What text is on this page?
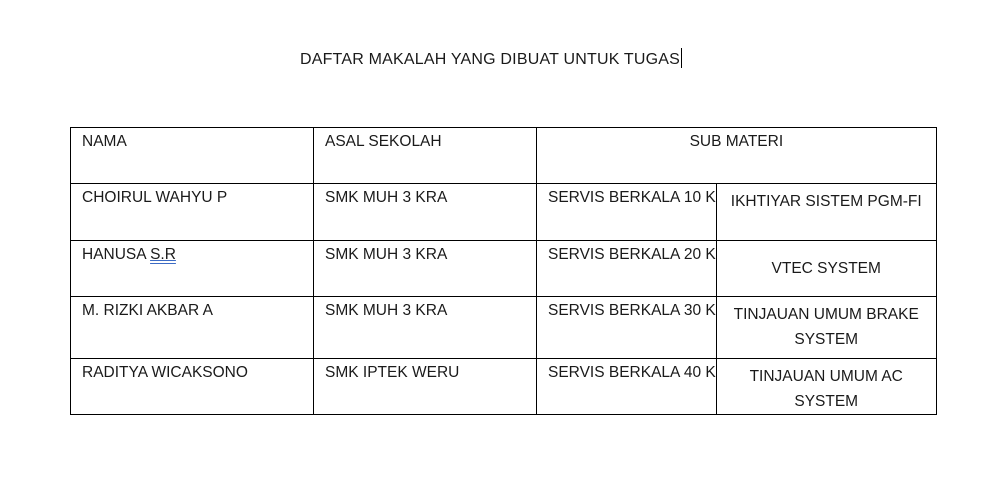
DAFTAR MAKALAH YANG DIBUAT UNTUK TUGAS
NAMA	ASAL SEKOLAH	SUB MATERI	
CHOIRUL WAHYU P	SMK MUH 3 KRA	SERVIS BERKALA 10 K	IKHTIYAR SISTEM PGM-FI
HANUSA S.R	SMK MUH 3 KRA	SERVIS BERKALA 20 K	VTEC SYSTEM
M. RIZKI AKBAR A	SMK MUH 3 KRA	SERVIS BERKALA 30 K	TINJAUAN UMUM BRAKE SYSTEM
RADITYA WICAKSONO	SMK IPTEK WERU	SERVIS BERKALA 40 K	TINJAUAN UMUM AC SYSTEM
